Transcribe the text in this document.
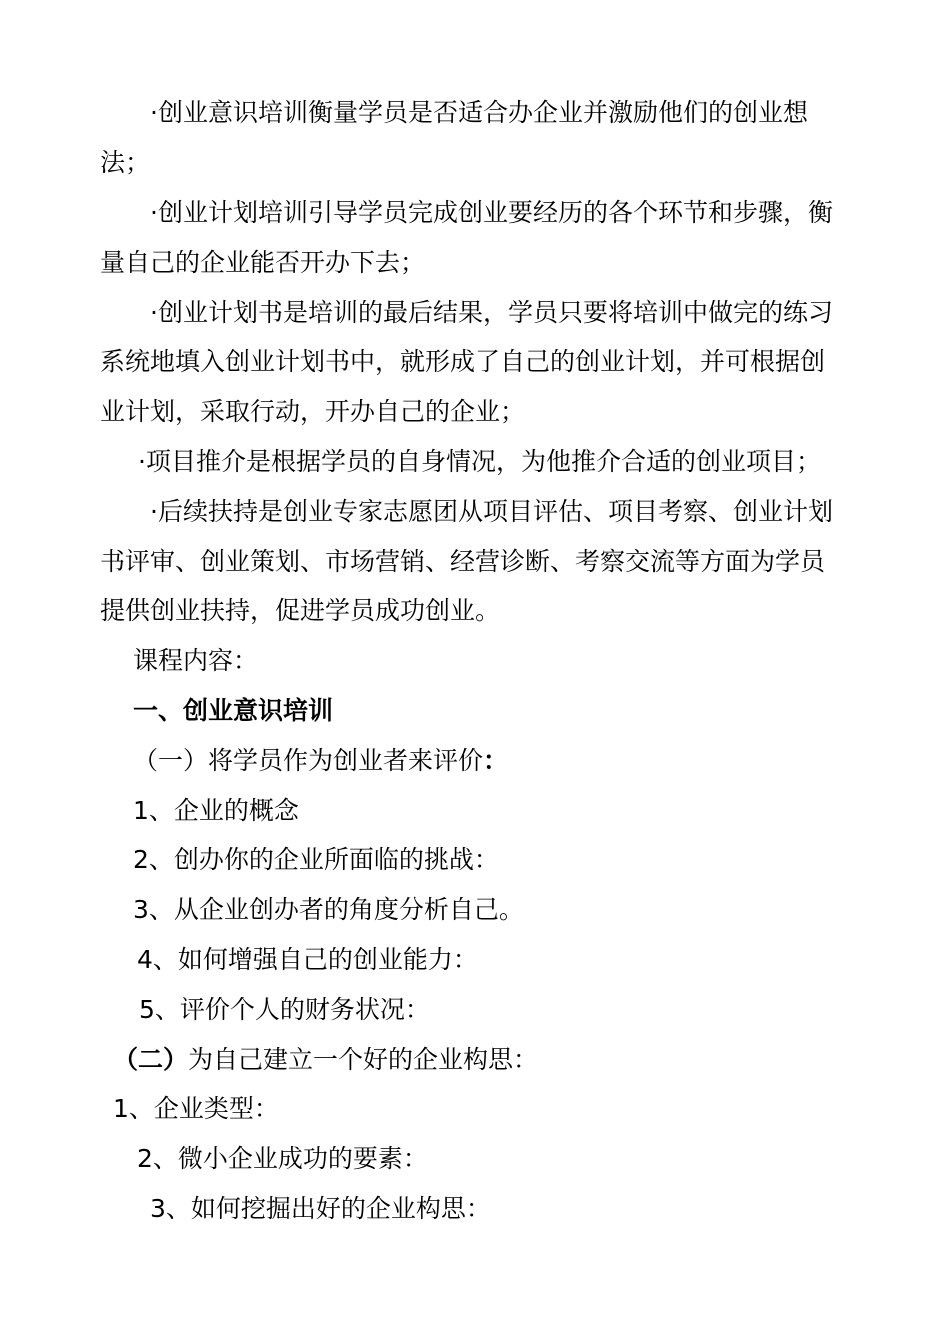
·创业意识培训衡量学员是否适合办企业并激励他们的创业想
法；
·创业计划培训引导学员完成创业要经历的各个环节和步骤，衡
量自己的企业能否开办下去；
·创业计划书是培训的最后结果，学员只要将培训中做完的练习
系统地填入创业计划书中，就形成了自己的创业计划，并可根据创
业计划，采取行动，开办自己的企业；
·项目推介是根据学员的自身情况，为他推介合适的创业项目；
·后续扶持是创业专家志愿团从项目评估、项目考察、创业计划
书评审、创业策划、市场营销、经营诊断、考察交流等方面为学员
提供创业扶持，促进学员成功创业。
课程内容：
一、创业意识培训
（一）将学员作为创业者来评价：
1、企业的概念
2、创办你的企业所面临的挑战：
3、从企业创办者的角度分析自己。
4、如何增强自己的创业能力：
5、评价个人的财务状况：
（二）为自己建立一个好的企业构思：
1、企业类型：
2、微小企业成功的要素：
3、如何挖掘出好的企业构思：
